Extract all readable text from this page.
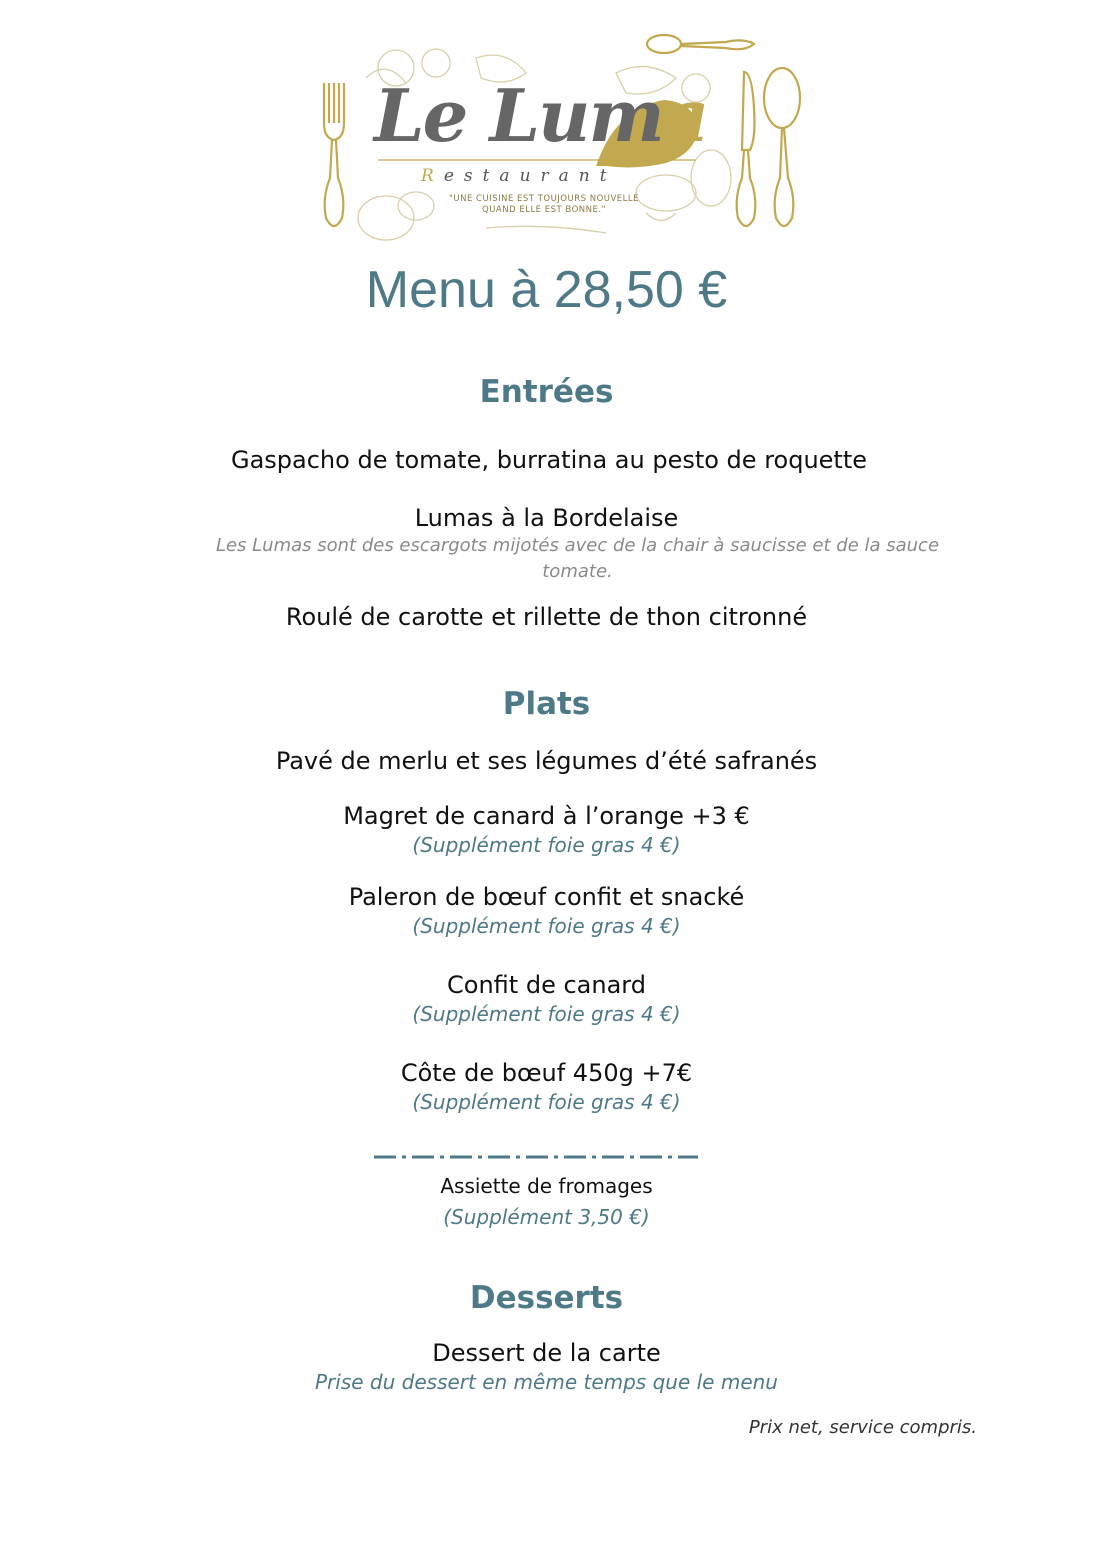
Le Luma
Restaurant
"UNE CUISINE EST TOUJOURS NOUVELLE QUAND ELLE EST BONNE."
Menu à 28,50 €
Entrées
Gaspacho de tomate, burratina au pesto de roquette
Lumas à la Bordelaise
Les Lumas sont des escargots mijotés avec de la chair à saucisse et de la sauce tomate.
Roulé de carotte et rillette de thon citronné
Plats
Pavé de merlu et ses légumes d’été safranés
Magret de canard à l’orange +3 €
(Supplément foie gras 4 €)
Paleron de bœuf confit et snacké
(Supplément foie gras 4 €)
Confit de canard
(Supplément foie gras 4 €)
Côte de bœuf 450g +7€
(Supplément foie gras 4 €)
Assiette de fromages
(Supplément 3,50 €)
Desserts
Dessert de la carte
Prise du dessert en même temps que le menu
Prix net, service compris.
